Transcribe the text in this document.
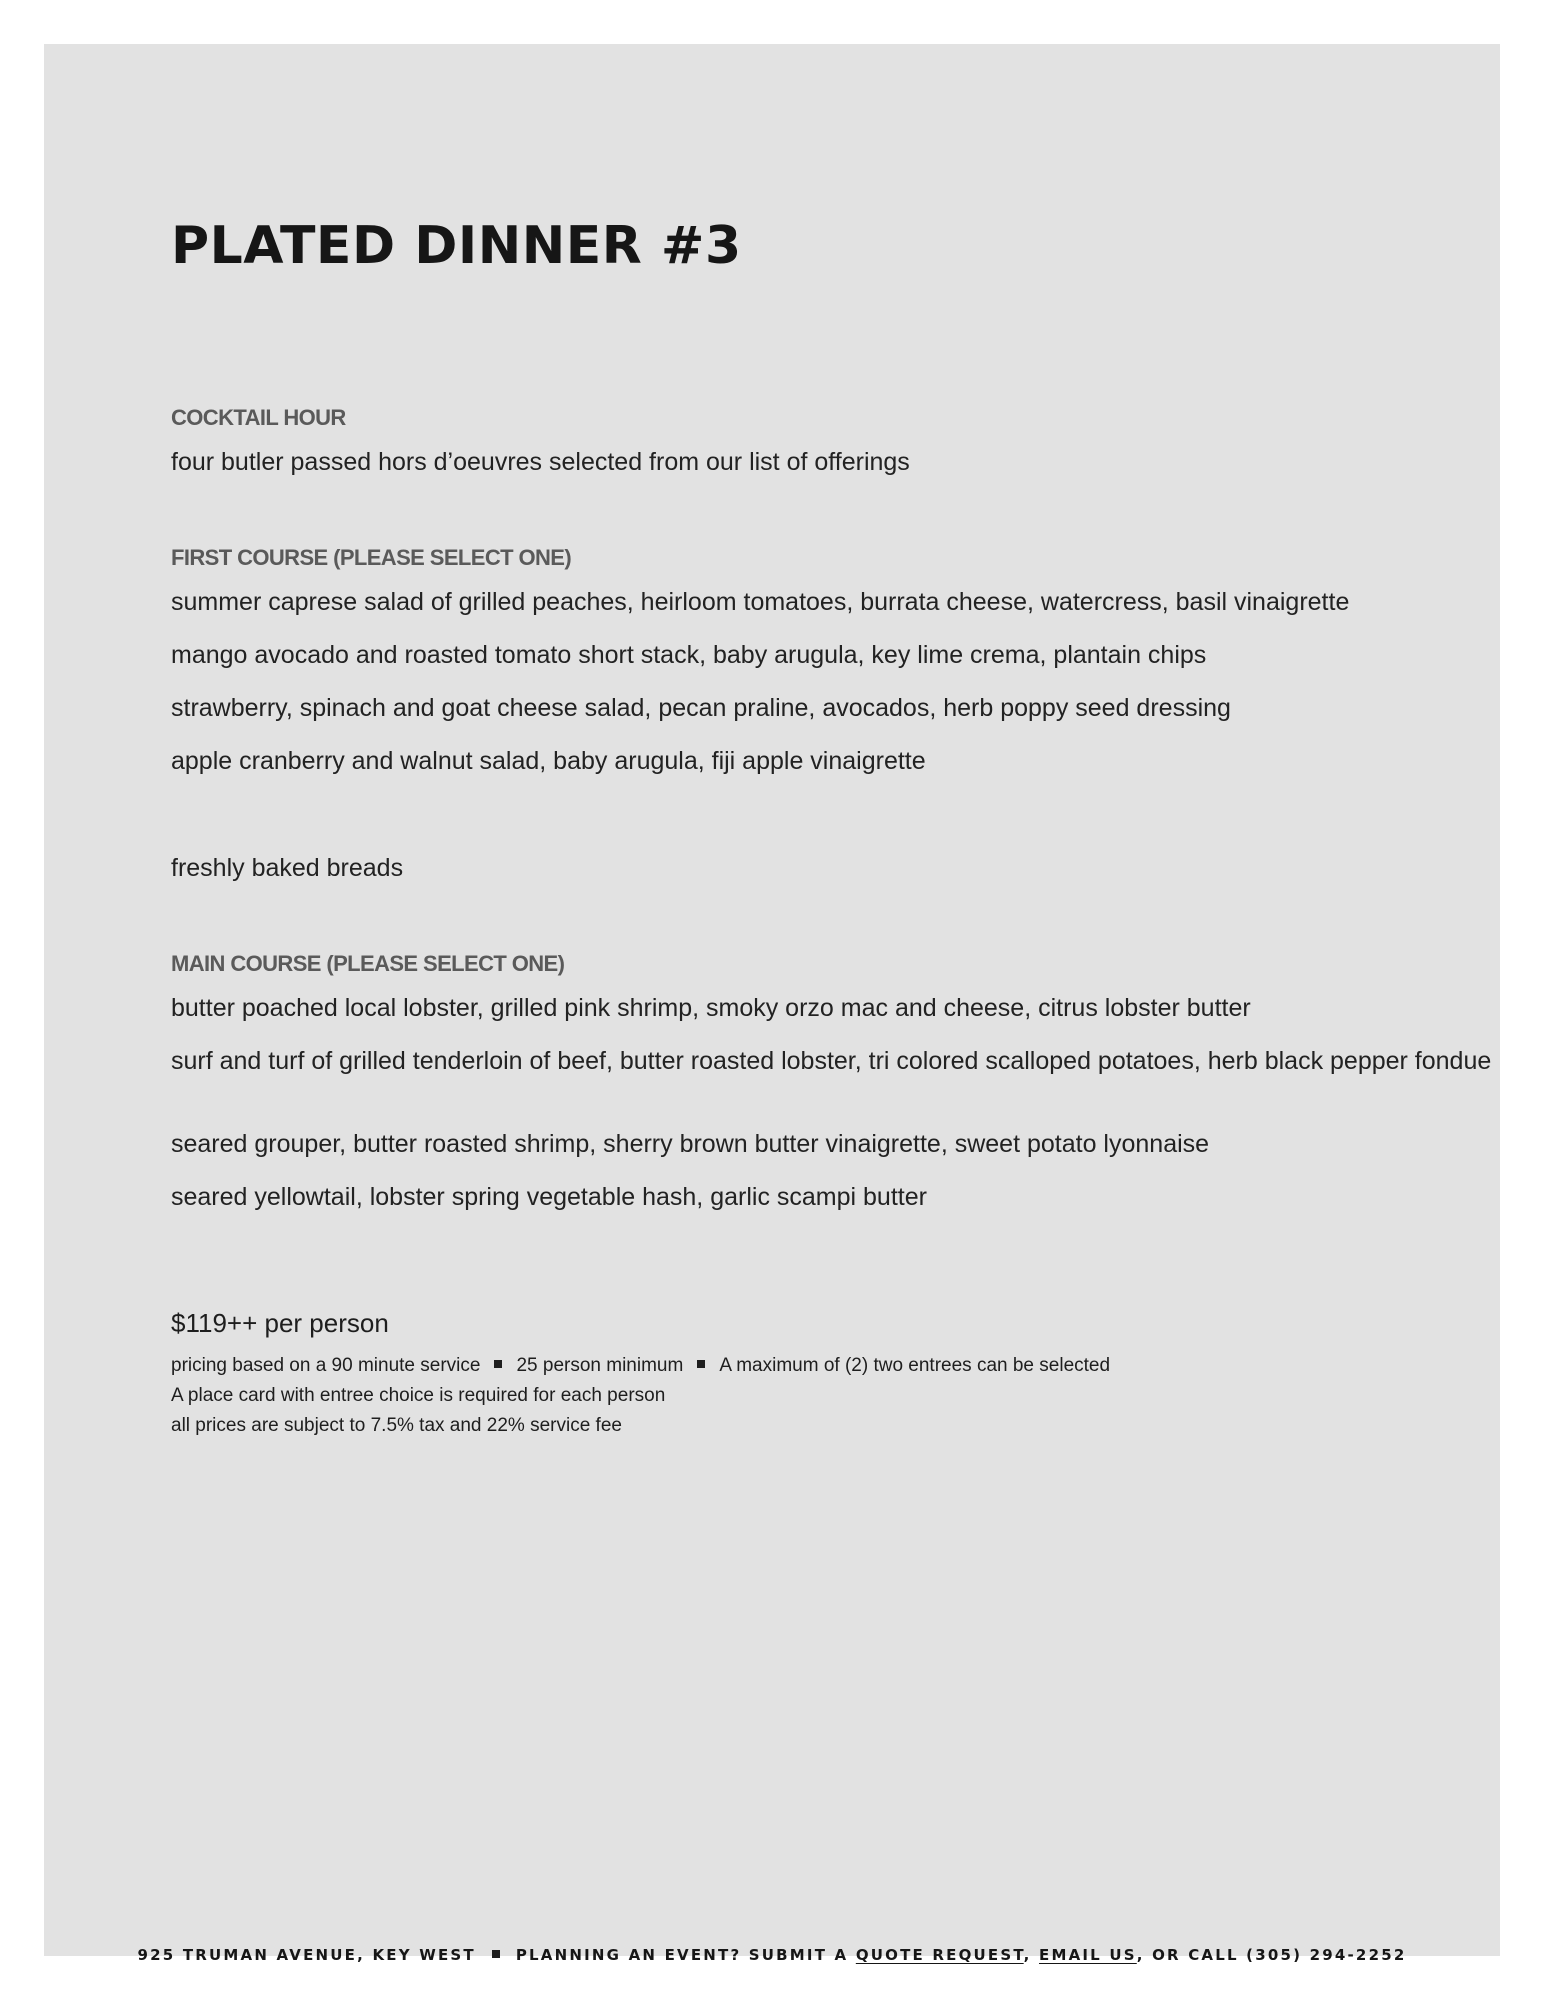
PLATED DINNER #3

COCKTAIL HOUR

four butler passed hors d’oeuvres selected from our list of offerings

FIRST COURSE (PLEASE SELECT ONE)

summer caprese salad of grilled peaches, heirloom tomatoes, burrata cheese, watercress, basil vinaigrette

mango avocado and roasted tomato short stack, baby arugula, key lime crema, plantain chips

strawberry, spinach and goat cheese salad, pecan praline, avocados, herb poppy seed dressing

apple cranberry and walnut salad, baby arugula, fiji apple vinaigrette

freshly baked breads

MAIN COURSE (PLEASE SELECT ONE)

butter poached local lobster, grilled pink shrimp, smoky orzo mac and cheese, citrus lobster butter

surf and turf of grilled tenderloin of beef, butter roasted lobster, tri colored scalloped potatoes, herb black pepper fondue

seared grouper, butter roasted shrimp, sherry brown butter vinaigrette, sweet potato lyonnaise

seared yellowtail, lobster spring vegetable hash, garlic scampi butter

$119++ per person

pricing based on a 90 minute service 25 person minimum A maximum of (2) two entrees can be selected

A place card with entree choice is required for each person

all prices are subject to 7.5% tax and 22% service fee

925 TRUMAN AVENUE, KEY WEST	PLANNING AN EVENT? SUBMIT A QUOTE REQUEST, EMAIL US, OR CALL (305) 294-2252
